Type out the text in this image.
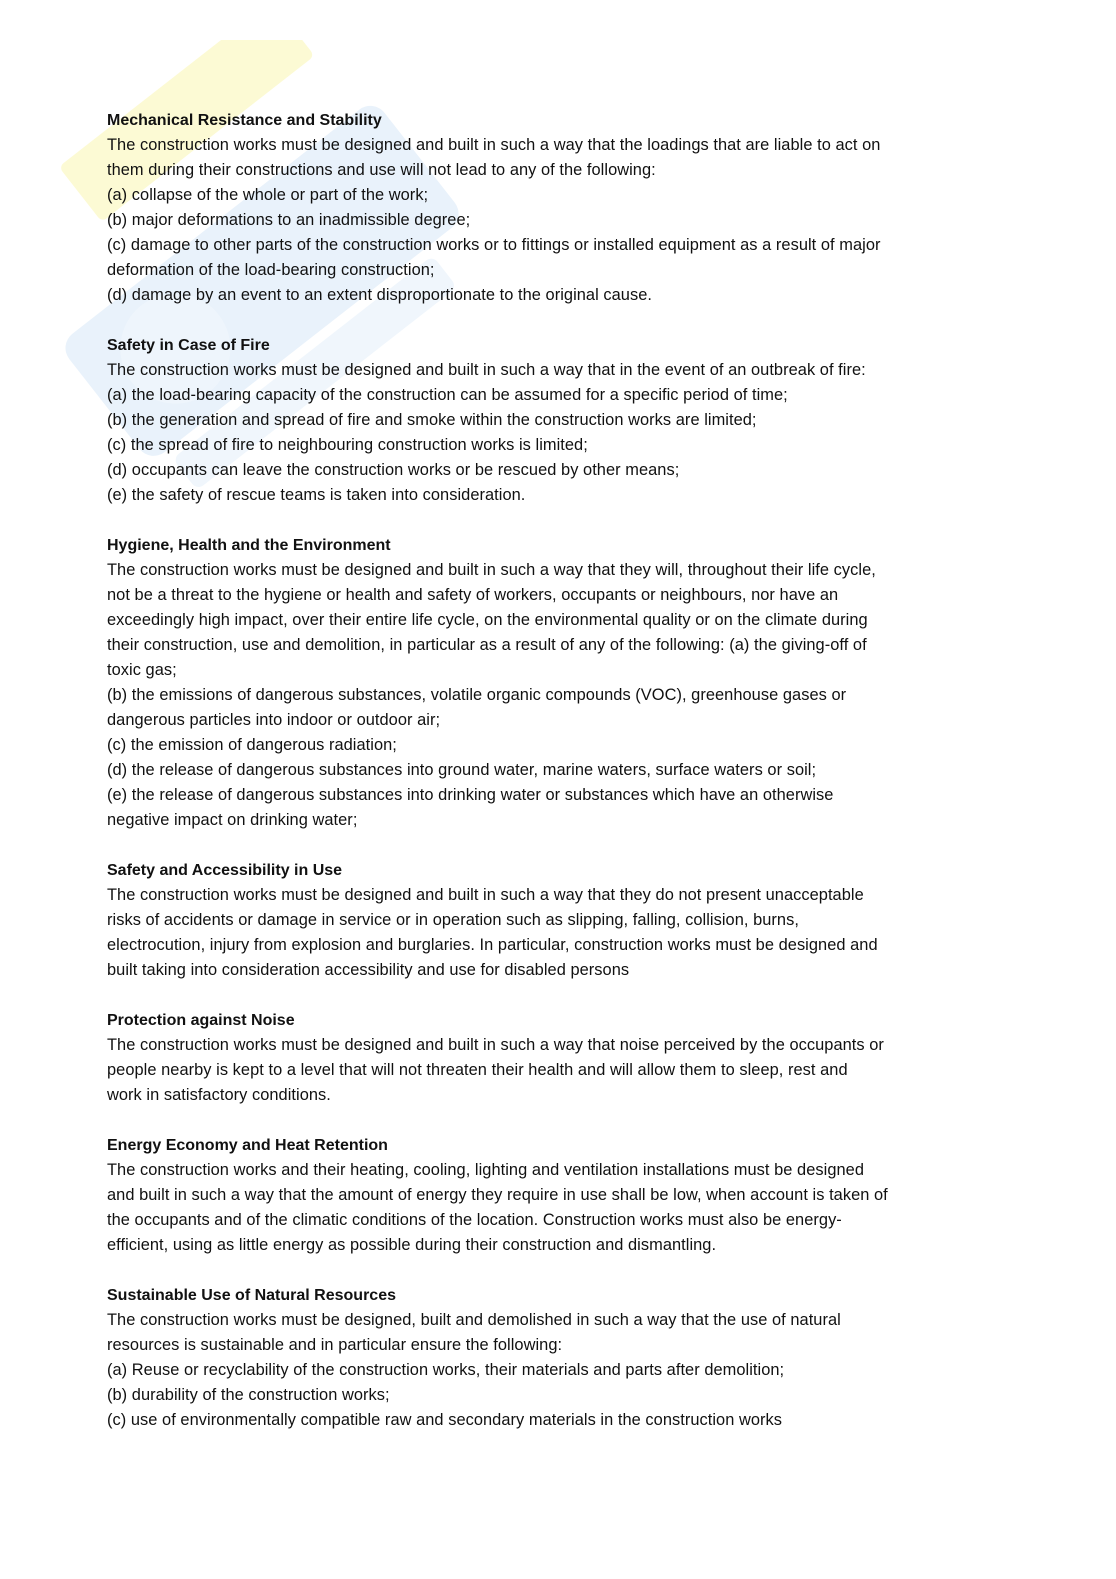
Mechanical Resistance and Stability

The construction works must be designed and built in such a way that the loadings that are liable to act on

them during their constructions and use will not lead to any of the following:

(a) collapse of the whole or part of the work;

(b) major deformations to an inadmissible degree;

(c) damage to other parts of the construction works or to fittings or installed equipment as a result of major

deformation of the load-bearing construction;

(d) damage by an event to an extent disproportionate to the original cause.

Safety in Case of Fire

The construction works must be designed and built in such a way that in the event of an outbreak of fire:

(a) the load-bearing capacity of the construction can be assumed for a specific period of time;

(b) the generation and spread of fire and smoke within the construction works are limited;

(c) the spread of fire to neighbouring construction works is limited;

(d) occupants can leave the construction works or be rescued by other means;

(e) the safety of rescue teams is taken into consideration.

Hygiene, Health and the Environment

The construction works must be designed and built in such a way that they will, throughout their life cycle,

not be a threat to the hygiene or health and safety of workers, occupants or neighbours, nor have an

exceedingly high impact, over their entire life cycle, on the environmental quality or on the climate during

their construction, use and demolition, in particular as a result of any of the following: (a) the giving-off of

toxic gas;

(b) the emissions of dangerous substances, volatile organic compounds (VOC), greenhouse gases or

dangerous particles into indoor or outdoor air;

(c) the emission of dangerous radiation;

(d) the release of dangerous substances into ground water, marine waters, surface waters or soil;

(e) the release of dangerous substances into drinking water or substances which have an otherwise

negative impact on drinking water;

Safety and Accessibility in Use

The construction works must be designed and built in such a way that they do not present unacceptable

risks of accidents or damage in service or in operation such as slipping, falling, collision, burns,

electrocution, injury from explosion and burglaries. In particular, construction works must be designed and

built taking into consideration accessibility and use for disabled persons

Protection against Noise

The construction works must be designed and built in such a way that noise perceived by the occupants or

people nearby is kept to a level that will not threaten their health and will allow them to sleep, rest and

work in satisfactory conditions.

Energy Economy and Heat Retention

The construction works and their heating, cooling, lighting and ventilation installations must be designed

and built in such a way that the amount of energy they require in use shall be low, when account is taken of

the occupants and of the climatic conditions of the location. Construction works must also be energy-

efficient, using as little energy as possible during their construction and dismantling.

Sustainable Use of Natural Resources

The construction works must be designed, built and demolished in such a way that the use of natural

resources is sustainable and in particular ensure the following:

(a) Reuse or recyclability of the construction works, their materials and parts after demolition;

(b) durability of the construction works;

(c) use of environmentally compatible raw and secondary materials in the construction works
